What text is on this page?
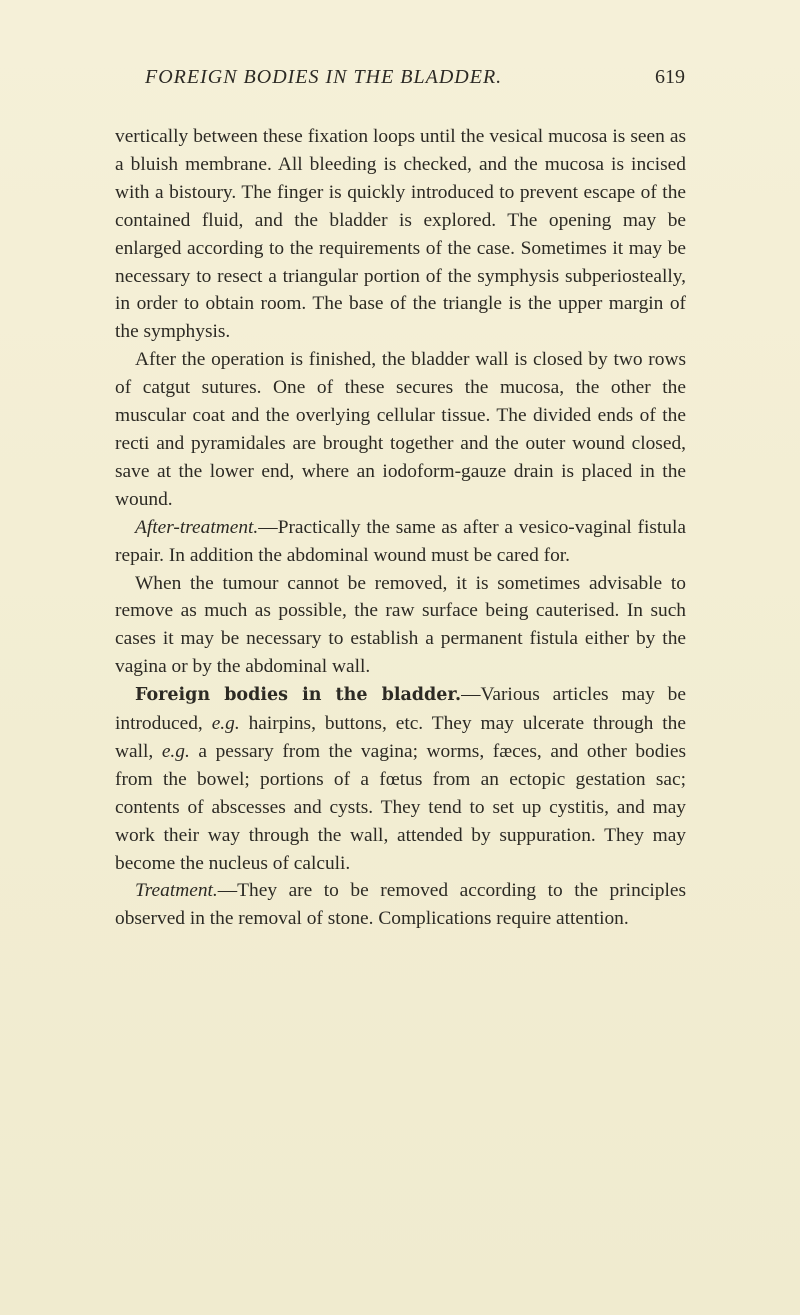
FOREIGN BODIES IN THE BLADDER.	619

vertically between these fixation loops until the vesical mucosa is seen as a bluish membrane. All bleeding is checked, and the mucosa is incised with a bistoury. The finger is quickly introduced to prevent escape of the contained fluid, and the bladder is explored. The opening may be enlarged according to the requirements of the case. Sometimes it may be necessary to resect a triangular portion of the symphysis subperiosteally, in order to obtain room. The base of the triangle is the upper margin of the symphysis.

After the operation is finished, the bladder wall is closed by two rows of catgut sutures. One of these secures the mucosa, the other the muscular coat and the overlying cellular tissue. The divided ends of the recti and pyramidales are brought together and the outer wound closed, save at the lower end, where an iodoform-gauze drain is placed in the wound.

After-treatment.—Practically the same as after a vesico-vaginal fistula repair. In addition the abdominal wound must be cared for.

When the tumour cannot be removed, it is sometimes advisable to remove as much as possible, the raw surface being cauterised. In such cases it may be necessary to establish a permanent fistula either by the vagina or by the abdominal wall.

Foreign bodies in the bladder.—Various articles may be introduced, e.g. hairpins, buttons, etc. They may ulcerate through the wall, e.g. a pessary from the vagina; worms, fæces, and other bodies from the bowel; portions of a fœtus from an ectopic gestation sac; contents of abscesses and cysts. They tend to set up cystitis, and may work their way through the wall, attended by suppuration. They may become the nucleus of calculi.

Treatment.—They are to be removed according to the principles observed in the removal of stone. Complications require attention.
